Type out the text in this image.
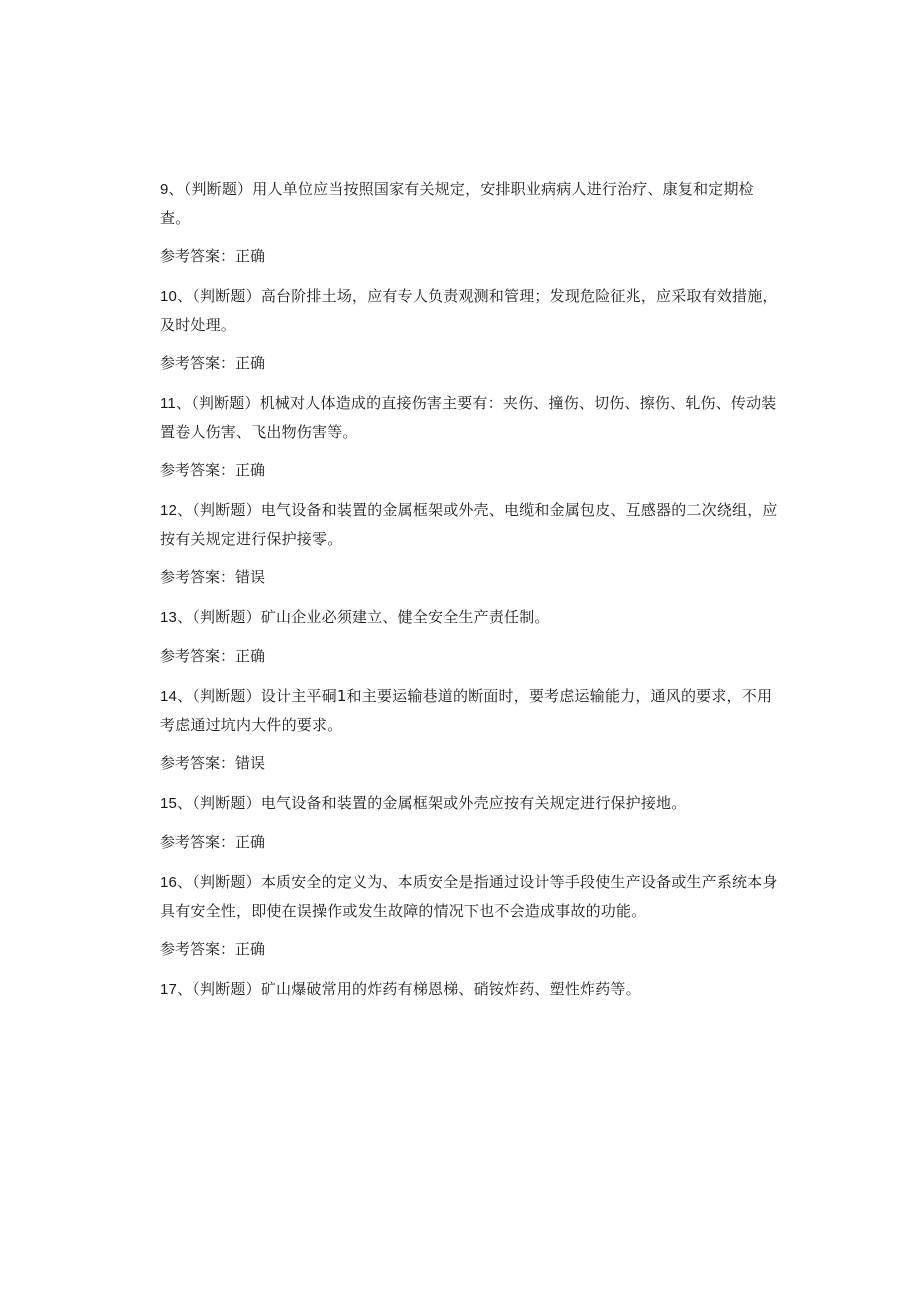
9、（判断题）用人单位应当按照国家有关规定，安排职业病病人进行治疗、康复和定期检查。

参考答案：正确

10、（判断题）高台阶排土场，应有专人负责观测和管理；发现危险征兆，应采取有效措施，及时处理。

参考答案：正确

11、（判断题）机械对人体造成的直接伤害主要有：夹伤、撞伤、切伤、擦伤、轧伤、传动装置卷人伤害、飞出物伤害等。

参考答案：正确

12、（判断题）电气设备和装置的金属框架或外壳、电缆和金属包皮、互感器的二次绕组，应按有关规定进行保护接零。

参考答案：错误

13、（判断题）矿山企业必须建立、健全安全生产责任制。

参考答案：正确

14、（判断题）设计主平硐1和主要运输巷道的断面时，要考虑运输能力，通风的要求，不用考虑通过坑内大件的要求。

参考答案：错误

15、（判断题）电气设备和装置的金属框架或外壳应按有关规定进行保护接地。

参考答案：正确

16、（判断题）本质安全的定义为、本质安全是指通过设计等手段使生产设备或生产系统本身具有安全性，即使在误操作或发生故障的情况下也不会造成事故的功能。

参考答案：正确

17、（判断题）矿山爆破常用的炸药有梯恩梯、硝铵炸药、塑性炸药等。
